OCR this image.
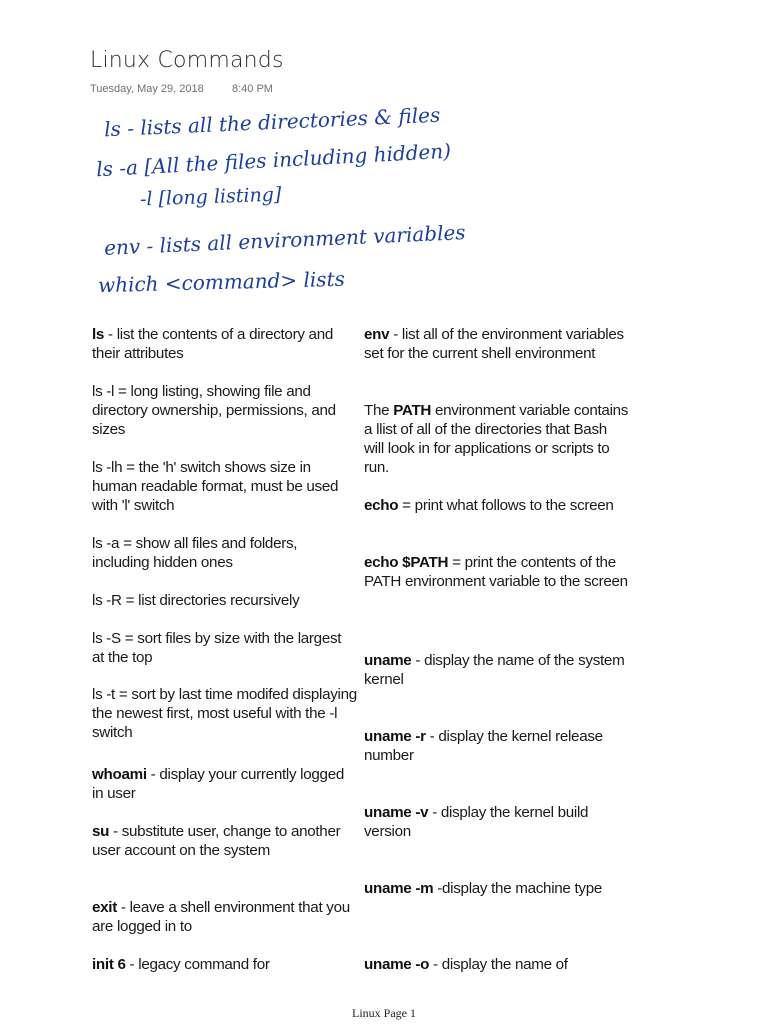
Linux Commands
Tuesday, May 29, 2018	8:40 PM
ls - lists all the directories & files
ls -a [All the files including hidden)
-l [long listing]
env - lists all environment variables
which <command> lists

ls - list the contents of a directory and their attributes

ls -l = long listing, showing file and directory ownership, permissions, and sizes

ls -lh = the 'h' switch shows size in human readable format, must be used with 'l' switch

ls -a = show all files and folders, including hidden ones

ls -R = list directories recursively

ls -S = sort files by size with the largest at the top

ls -t = sort by last time modifed displaying the newest first, most useful with the -l switch

whoami - display your currently logged in user

su - substitute user, change to another user account on the system

exit - leave a shell environment that you are logged in to

init 6 - legacy command for

env - list all of the environment variables set for the current shell environment

The PATH environment variable contains a llist of all of the directories that Bash will look in for applications or scripts to run.

echo = print what follows to the screen

echo $PATH = print the contents of the PATH environment variable to the screen

uname - display the name of the system kernel

uname -r - display the kernel release number

uname -v - display the kernel build version

uname -m -display the machine type

uname -o - display the name of

Linux Page 1
